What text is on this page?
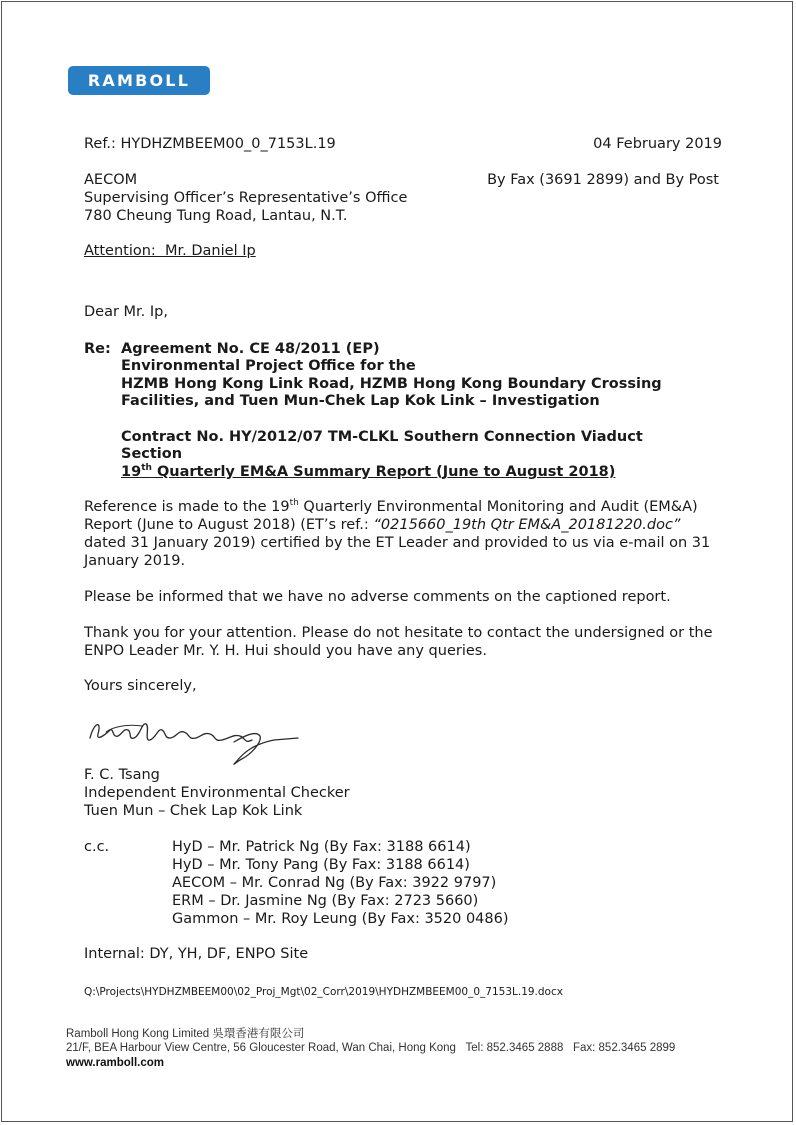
RAMBOLL
Ref.: HYDHZMBEEM00_0_7153L.19	04 February 2019
AECOM
Supervising Officer’s Representative’s Office
780 Cheung Tung Road, Lantau, N.T.
By Fax (3691 2899) and By Post
Attention:  Mr. Daniel Ip
Dear Mr. Ip,
Re: Agreement No. CE 48/2011 (EP)
Environmental Project Office for the
HZMB Hong Kong Link Road, HZMB Hong Kong Boundary Crossing
Facilities, and Tuen Mun-Chek Lap Kok Link – Investigation
Contract No. HY/2012/07 TM-CLKL Southern Connection Viaduct
Section
19th Quarterly EM&A Summary Report (June to August 2018)
Reference is made to the 19th Quarterly Environmental Monitoring and Audit (EM&A) Report (June to August 2018) (ET’s ref.: “0215660_19th Qtr EM&A_20181220.doc” dated 31 January 2019) certified by the ET Leader and provided to us via e-mail on 31 January 2019.
Please be informed that we have no adverse comments on the captioned report.
Thank you for your attention. Please do not hesitate to contact the undersigned or the ENPO Leader Mr. Y. H. Hui should you have any queries.
Yours sincerely,
F. C. Tsang
Independent Environmental Checker
Tuen Mun – Chek Lap Kok Link
c.c.	HyD – Mr. Patrick Ng (By Fax: 3188 6614)
HyD – Mr. Tony Pang (By Fax: 3188 6614)
AECOM – Mr. Conrad Ng (By Fax: 3922 9797)
ERM – Dr. Jasmine Ng (By Fax: 2723 5660)
Gammon – Mr. Roy Leung (By Fax: 3520 0486)
Internal: DY, YH, DF, ENPO Site
Q:\Projects\HYDHZMBEEM00\02_Proj_Mgt\02_Corr\2019\HYDHZMBEEM00_0_7153L.19.docx
Ramboll Hong Kong Limited 吳環香港有限公司
21/F, BEA Harbour View Centre, 56 Gloucester Road, Wan Chai, Hong Kong Tel: 852.3465 2888 Fax: 852.3465 2899
www.ramboll.com
